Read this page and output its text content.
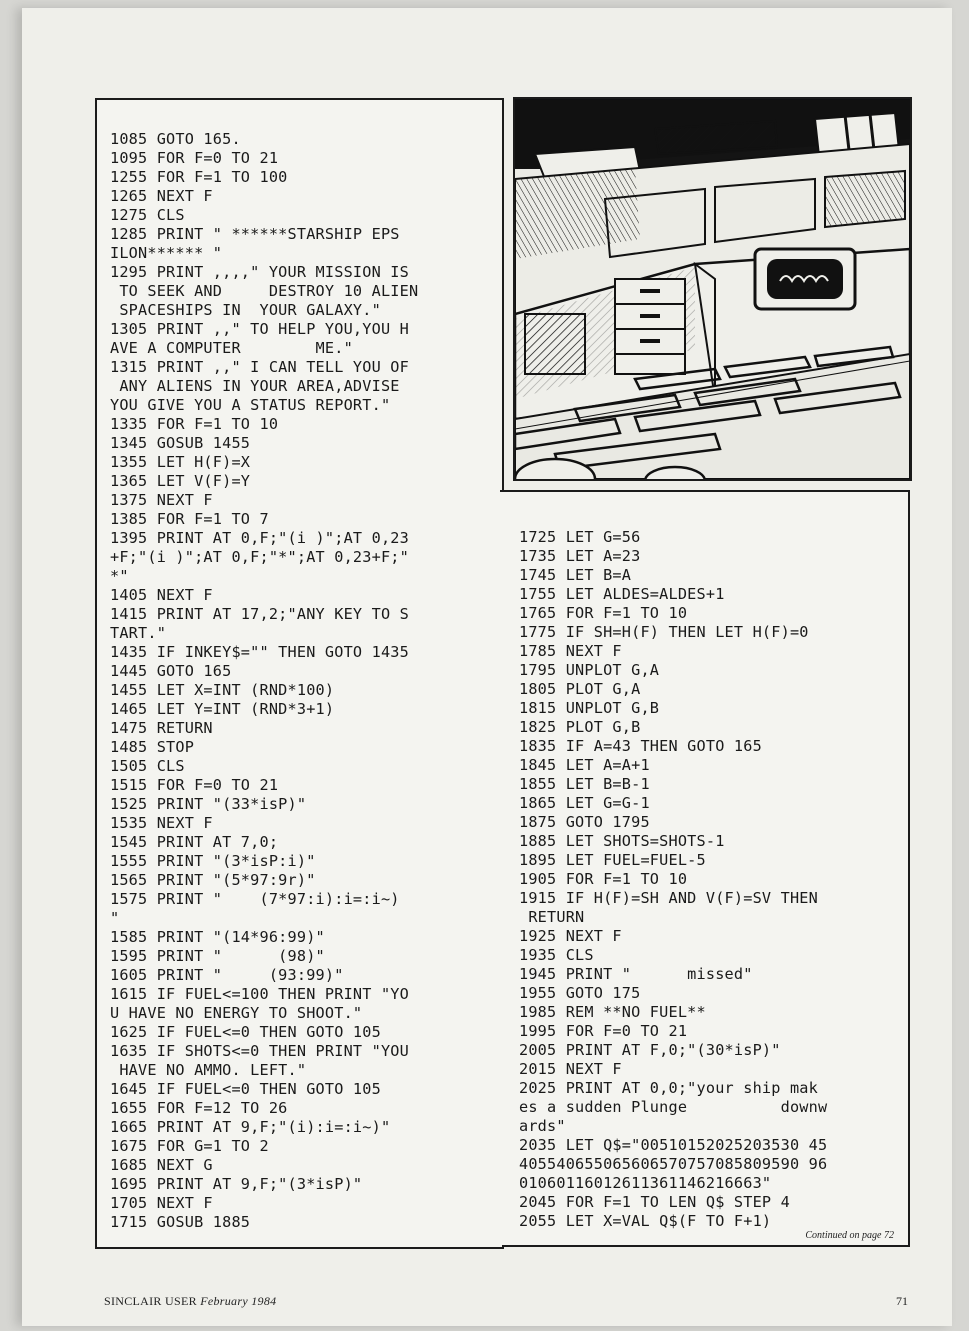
1085 GOTO 165.
1095 FOR F=0 TO 21
1255 FOR F=1 TO 100
1265 NEXT F
1275 CLS
1285 PRINT " ******STARSHIP EPS
ILON****** "
1295 PRINT ,,,," YOUR MISSION IS
TO SEEK AND     DESTROY 10 ALIEN
SPACESHIPS IN  YOUR GALAXY."
1305 PRINT ,," TO HELP YOU,YOU H
AVE A COMPUTER        ME."
1315 PRINT ,," I CAN TELL YOU OF
ANY ALIENS IN YOUR AREA,ADVISE
YOU GIVE YOU A STATUS REPORT."
1335 FOR F=1 TO 10
1345 GOSUB 1455
1355 LET H(F)=X
1365 LET V(F)=Y
1375 NEXT F
1385 FOR F=1 TO 7
1395 PRINT AT 0,F;"(i )";AT 0,23
+F;"(i )";AT 0,F;"*";AT 0,23+F;"
*"
1405 NEXT F
1415 PRINT AT 17,2;"ANY KEY TO S
TART."
1435 IF INKEY$="" THEN GOTO 1435
1445 GOTO 165
1455 LET X=INT (RND*100)
1465 LET Y=INT (RND*3+1)
1475 RETURN
1485 STOP
1505 CLS
1515 FOR F=0 TO 21
1525 PRINT "(33*isP)"
1535 NEXT F
1545 PRINT AT 7,0;
1555 PRINT "(3*isP:i)"
1565 PRINT "(5*97:9r)"
1575 PRINT "    (7*97:i):i=:i~)
"
1585 PRINT "(14*96:99)"
1595 PRINT "      (98)"
1605 PRINT "     (93:99)"
1615 IF FUEL<=100 THEN PRINT "YO
U HAVE NO ENERGY TO SHOOT."
1625 IF FUEL<=0 THEN GOTO 105
1635 IF SHOTS<=0 THEN PRINT "YOU
HAVE NO AMMO. LEFT."
1645 IF FUEL<=0 THEN GOTO 105
1655 FOR F=12 TO 26
1665 PRINT AT 9,F;"(i):i=:i~)"
1675 FOR G=1 TO 2
1685 NEXT G
1695 PRINT AT 9,F;"(3*isP)"
1705 NEXT F
1715 GOSUB 1885
1725 LET G=56
1735 LET A=23
1745 LET B=A
1755 LET ALDES=ALDES+1
1765 FOR F=1 TO 10
1775 IF SH=H(F) THEN LET H(F)=0
1785 NEXT F
1795 UNPLOT G,A
1805 PLOT G,A
1815 UNPLOT G,B
1825 PLOT G,B
1835 IF A=43 THEN GOTO 165
1845 LET A=A+1
1855 LET B=B-1
1865 LET G=G-1
1875 GOTO 1795
1885 LET SHOTS=SHOTS-1
1895 LET FUEL=FUEL-5
1905 FOR F=1 TO 10
1915 IF H(F)=SH AND V(F)=SV THEN
RETURN
1925 NEXT F
1935 CLS
1945 PRINT "      missed"
1955 GOTO 175
1985 REM **NO FUEL**
1995 FOR F=0 TO 21
2005 PRINT AT F,0;"(30*isP)"
2015 NEXT F
2025 PRINT AT 0,0;"your ship mak
es a sudden Plunge          downw
ards"
2035 LET Q$="00510152025203530 45
405540655065606570757085809590 96
01060116012611361146216663"
2045 FOR F=1 TO LEN Q$ STEP 4
2055 LET X=VAL Q$(F TO F+1)
Continued on page 72
SINCLAIR USER February 1984	71
